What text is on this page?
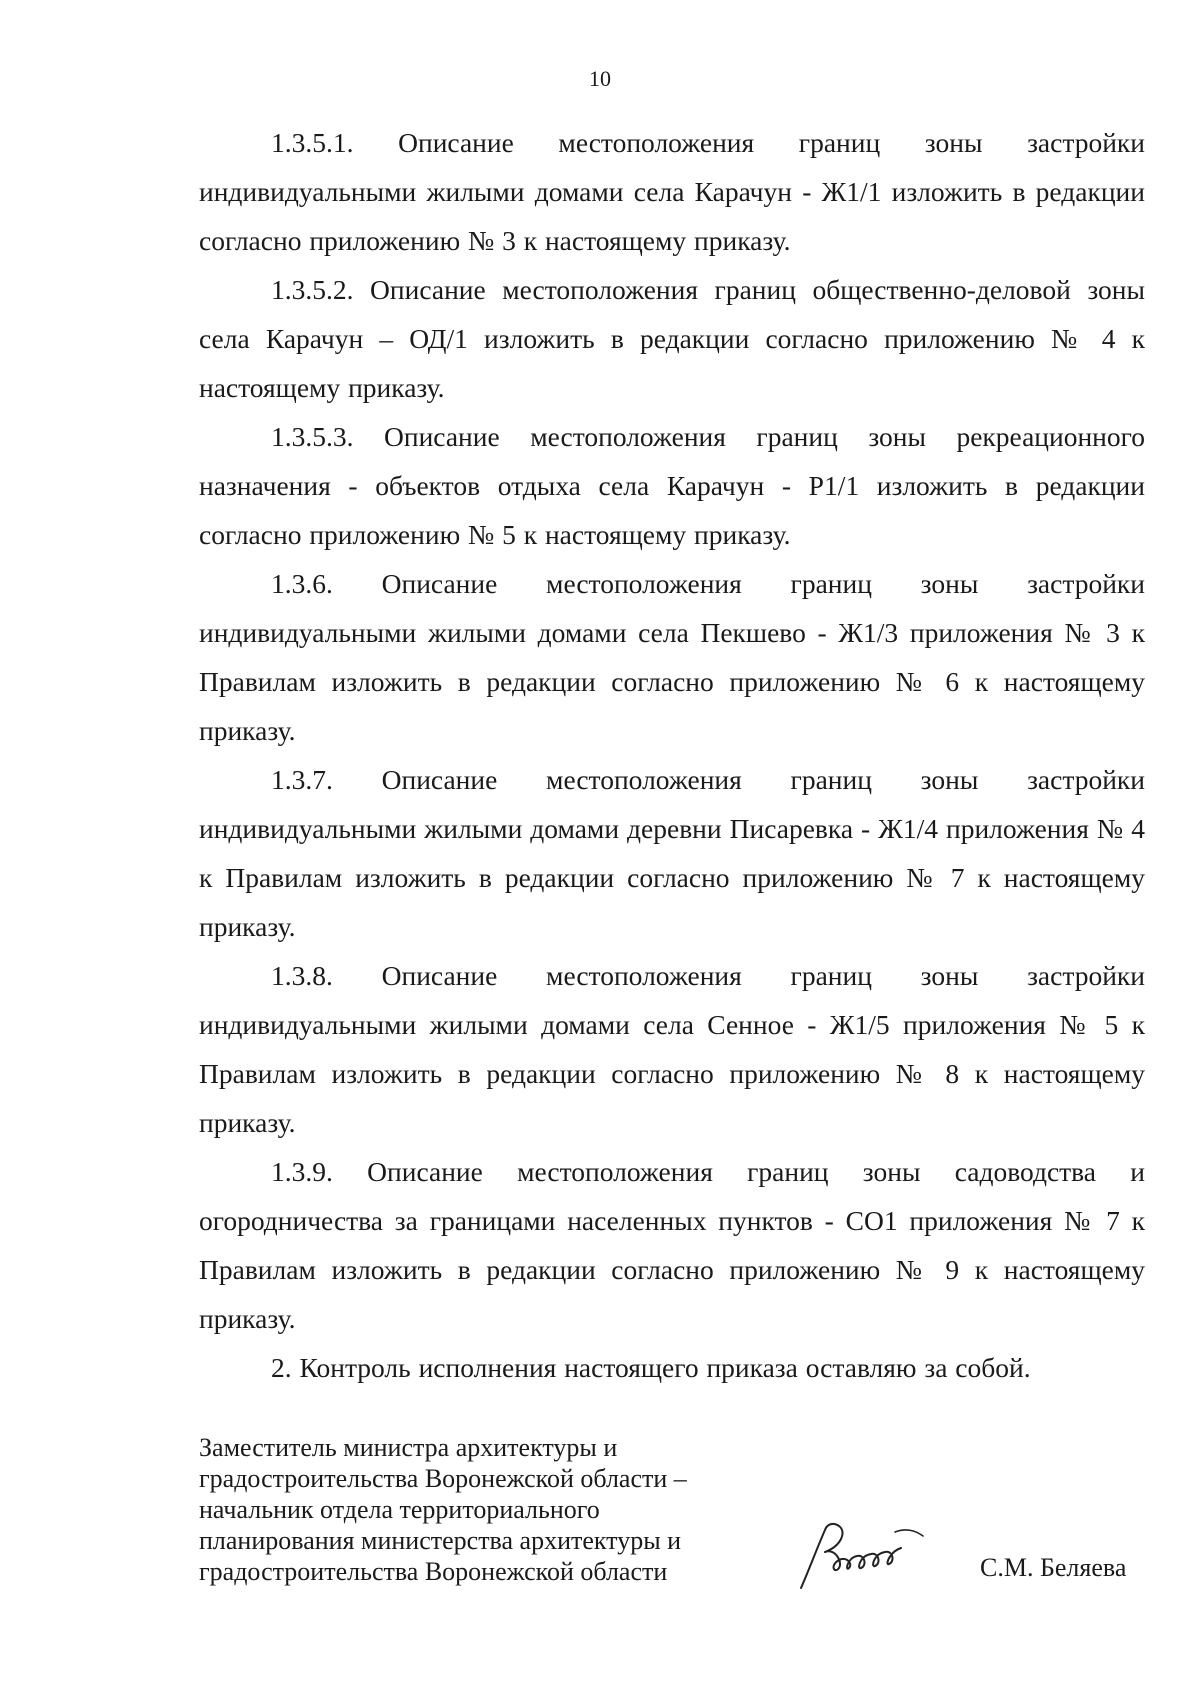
10

1.3.5.1. Описание местоположения границ зоны застройки индивидуальными жилыми домами села Карачун - Ж1/1 изложить в редакции согласно приложению № 3 к настоящему приказу.

1.3.5.2. Описание местоположения границ общественно-деловой зоны села Карачун – ОД/1 изложить в редакции согласно приложению № 4 к настоящему приказу.

1.3.5.3. Описание местоположения границ зоны рекреационного назначения - объектов отдыха села Карачун - Р1/1 изложить в редакции согласно приложению № 5 к настоящему приказу.

1.3.6. Описание местоположения границ зоны застройки индивидуальными жилыми домами села Пекшево - Ж1/3 приложения № 3 к Правилам изложить в редакции согласно приложению № 6 к настоящему приказу.

1.3.7. Описание местоположения границ зоны застройки индивидуальными жилыми домами деревни Писаревка - Ж1/4 приложения № 4 к Правилам изложить в редакции согласно приложению № 7 к настоящему приказу.

1.3.8. Описание местоположения границ зоны застройки индивидуальными жилыми домами села Сенное - Ж1/5 приложения № 5 к Правилам изложить в редакции согласно приложению № 8 к настоящему приказу.

1.3.9. Описание местоположения границ зоны садоводства и огородничества за границами населенных пунктов - СО1 приложения № 7 к Правилам изложить в редакции согласно приложению № 9 к настоящему приказу.

2. Контроль исполнения настоящего приказа оставляю за собой.

Заместитель министра архитектуры и
градостроительства Воронежской области –
начальник отдела территориального
планирования министерства архитектуры и
градостроительства Воронежской области	С.М. Беляева
